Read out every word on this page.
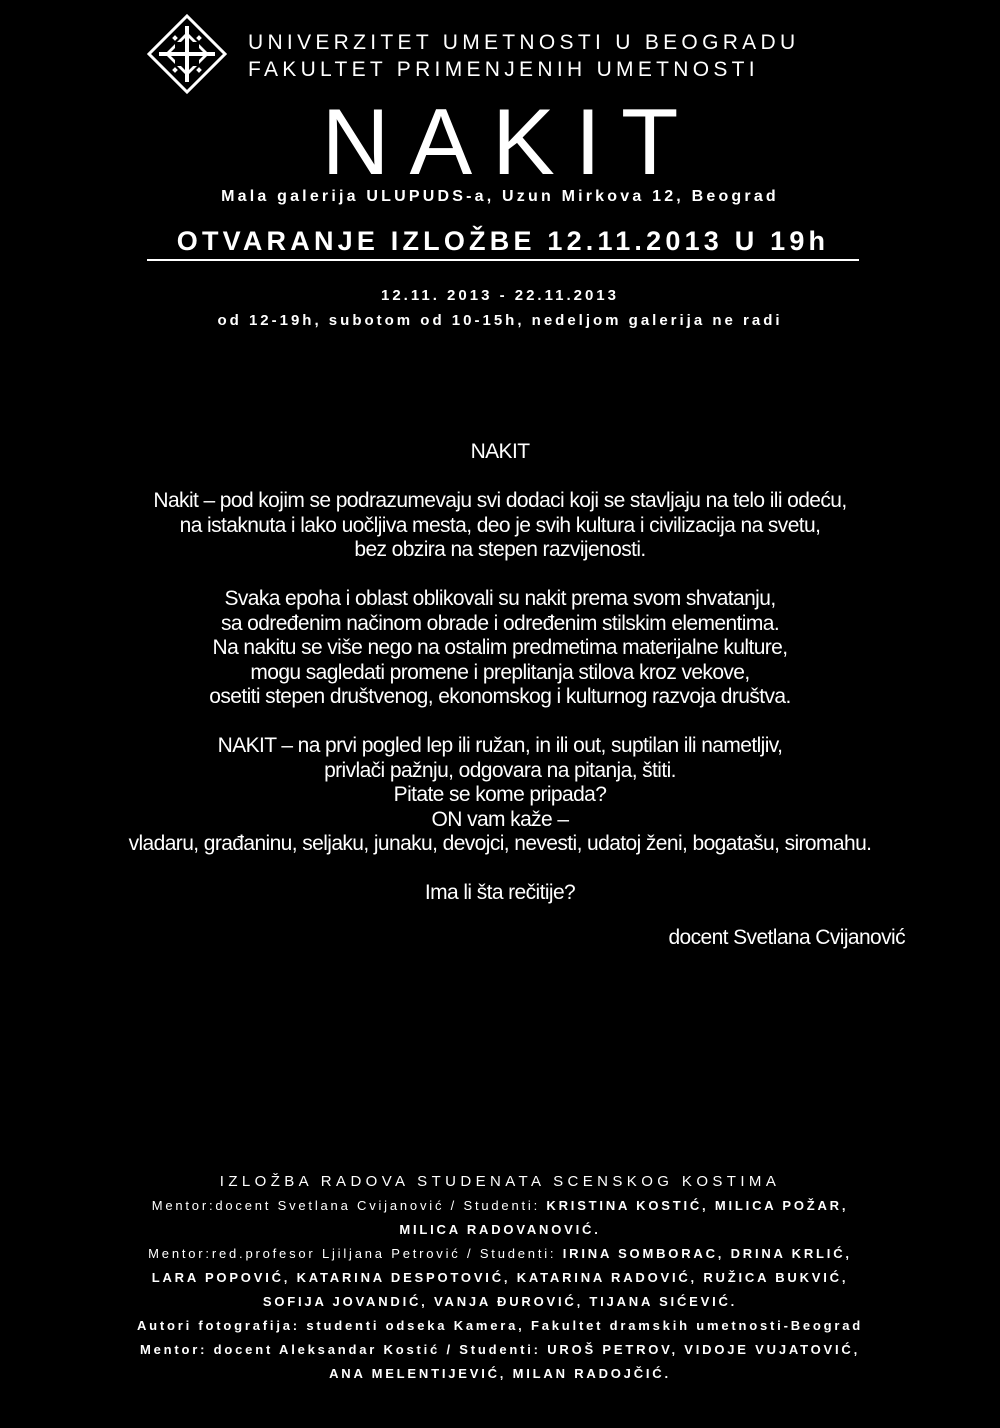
UNIVERZITET UMETNOSTI U BEOGRADU
FAKULTET PRIMENJENIH UMETNOSTI
NAKIT
Mala galerija ULUPUDS-a, Uzun Mirkova 12, Beograd
OTVARANJE IZLOŽBE 12.11.2013 U 19h
12.11. 2013 - 22.11.2013
od 12-19h, subotom od 10-15h, nedeljom galerija ne radi

NAKIT

Nakit – pod kojim se podrazumevaju svi dodaci koji se stavljaju na telo ili odeću,
na istaknuta i lako uočljiva mesta, deo je svih kultura i civilizacija na svetu,
bez obzira na stepen razvijenosti.

Svaka epoha i oblast oblikovali su nakit prema svom shvatanju,
sa određenim načinom obrade i određenim stilskim elementima.
Na nakitu se više nego na ostalim predmetima materijalne kulture,
mogu sagledati promene i preplitanja stilova kroz vekove,
osetiti stepen društvenog, ekonomskog i kulturnog razvoja društva.

NAKIT – na prvi pogled lep ili ružan, in ili out, suptilan ili nametljiv,
privlači pažnju, odgovara na pitanja, štiti.
Pitate se kome pripada?
ON vam kaže –
vladaru, građaninu, seljaku, junaku, devojci, nevesti, udatoj ženi, bogatašu, siromahu.

Ima li šta rečitije?

docent Svetlana Cvijanović
IZLOŽBA RADOVA STUDENATA SCENSKOG KOSTIMA
Mentor:docent Svetlana Cvijanović / Studenti: KRISTINA KOSTIĆ, MILICA POŽAR,
MILICA RADOVANOVIĆ.
Mentor:red.profesor Ljiljana Petrović / Studenti: IRINA SOMBORAC, DRINA KRLIĆ,
LARA POPOVIĆ, KATARINA DESPOTOVIĆ, KATARINA RADOVIĆ, RUŽICA BUKVIĆ,
SOFIJA JOVANDIĆ, VANJA ĐUROVIĆ, TIJANA SIĆEVIĆ.
Autori fotografija: studenti odseka Kamera, Fakultet dramskih umetnosti-Beograd
Mentor: docent Aleksandar Kostić / Studenti: UROŠ PETROV, VIDOJE VUJATOVIĆ,
ANA MELENTIJEVIĆ, MILAN RADOJČIĆ.
